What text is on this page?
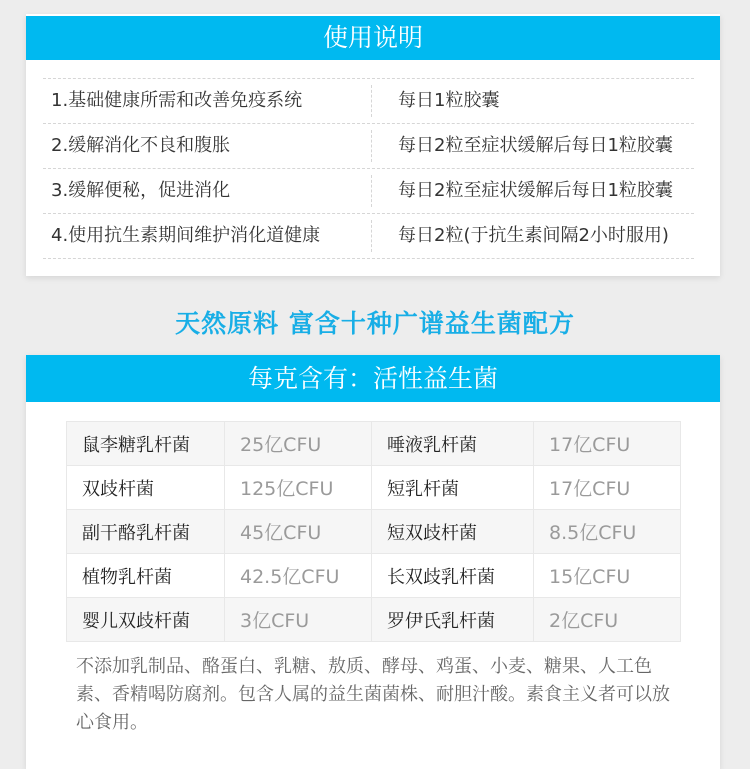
使用说明
1.基础健康所需和改善免疫系统	每日1粒胶囊
2.缓解消化不良和腹胀	每日2粒至症状缓解后每日1粒胶囊
3.缓解便秘，促进消化	每日2粒至症状缓解后每日1粒胶囊
4.使用抗生素期间维护消化道健康	每日2粒(于抗生素间隔2小时服用)
天然原料 富含十种广谱益生菌配方
每克含有：活性益生菌
鼠李糖乳杆菌	25亿CFU	唾液乳杆菌	17亿CFU
双歧杆菌	125亿CFU	短乳杆菌	17亿CFU
副干酪乳杆菌	45亿CFU	短双歧杆菌	8.5亿CFU
植物乳杆菌	42.5亿CFU	长双歧乳杆菌	15亿CFU
婴儿双歧杆菌	3亿CFU	罗伊氏乳杆菌	2亿CFU
不添加乳制品、酪蛋白、乳糖、敖质、酵母、鸡蛋、小麦、糖果、人工色素、香精喝防腐剂。包含人属的益生菌菌株、耐胆汁酸。素食主义者可以放心食用。
